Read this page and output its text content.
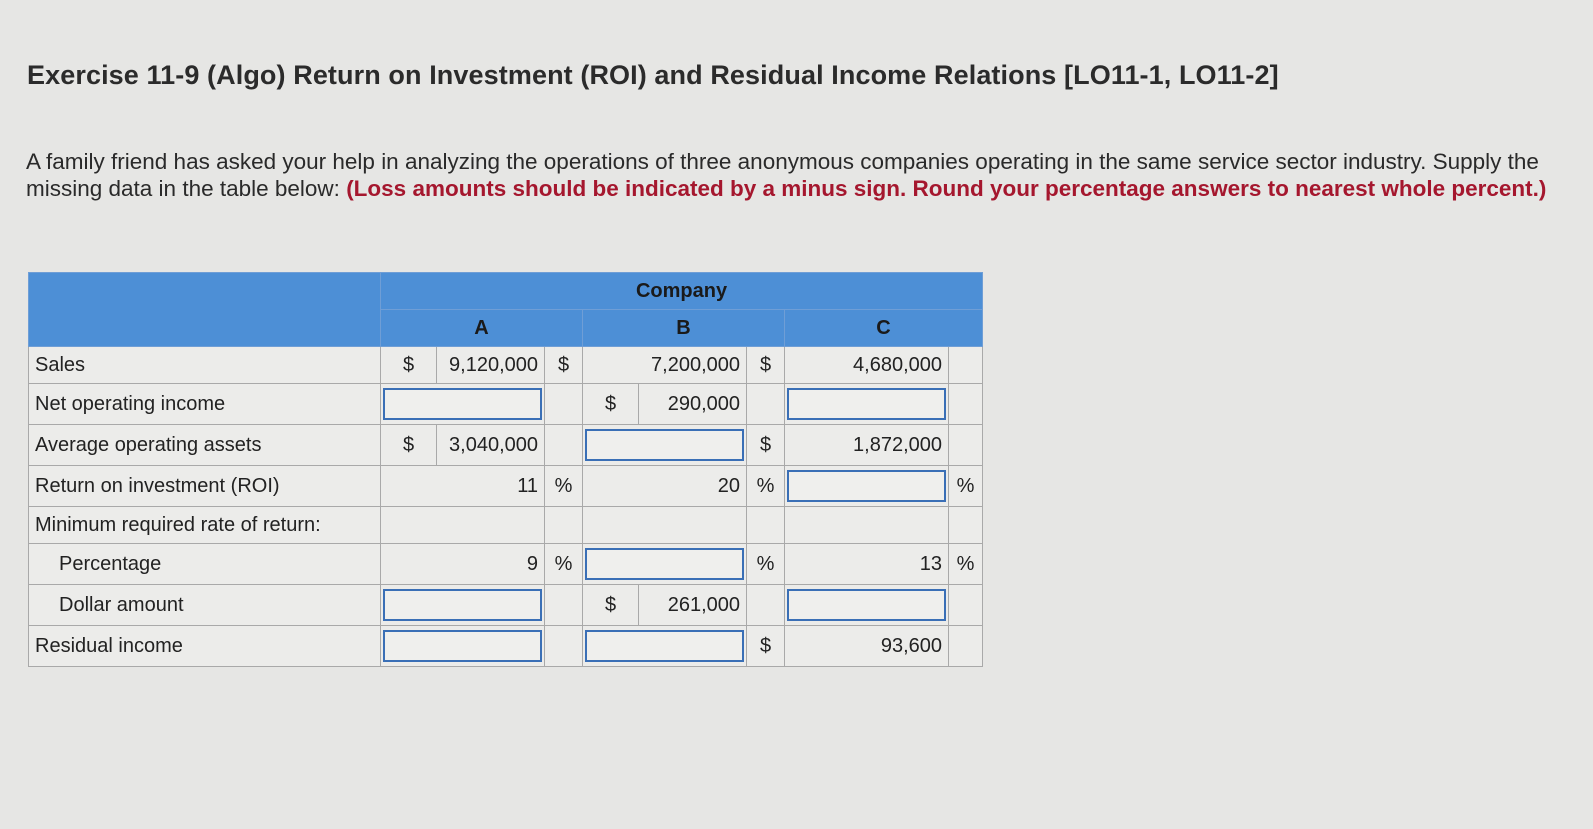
Exercise 11-9 (Algo) Return on Investment (ROI) and Residual Income Relations [LO11-1, LO11-2]
A family friend has asked your help in analyzing the operations of three anonymous companies operating in the same service sector industry. Supply the missing data in the table below: (Loss amounts should be indicated by a minus sign. Round your percentage answers to nearest whole percent.)
	Company							
	A			B			C	
Sales	$	9,120,000	$	7,200,000		$	4,680,000	
Net operating income				$	290,000			
Average operating assets	$	3,040,000				$	1,872,000	
Return on investment (ROI)	11		%	20		%		%
Minimum required rate of return:								
Percentage	9		%			%	13	%
Dollar amount				$	261,000			
Residual income						$	93,600	
